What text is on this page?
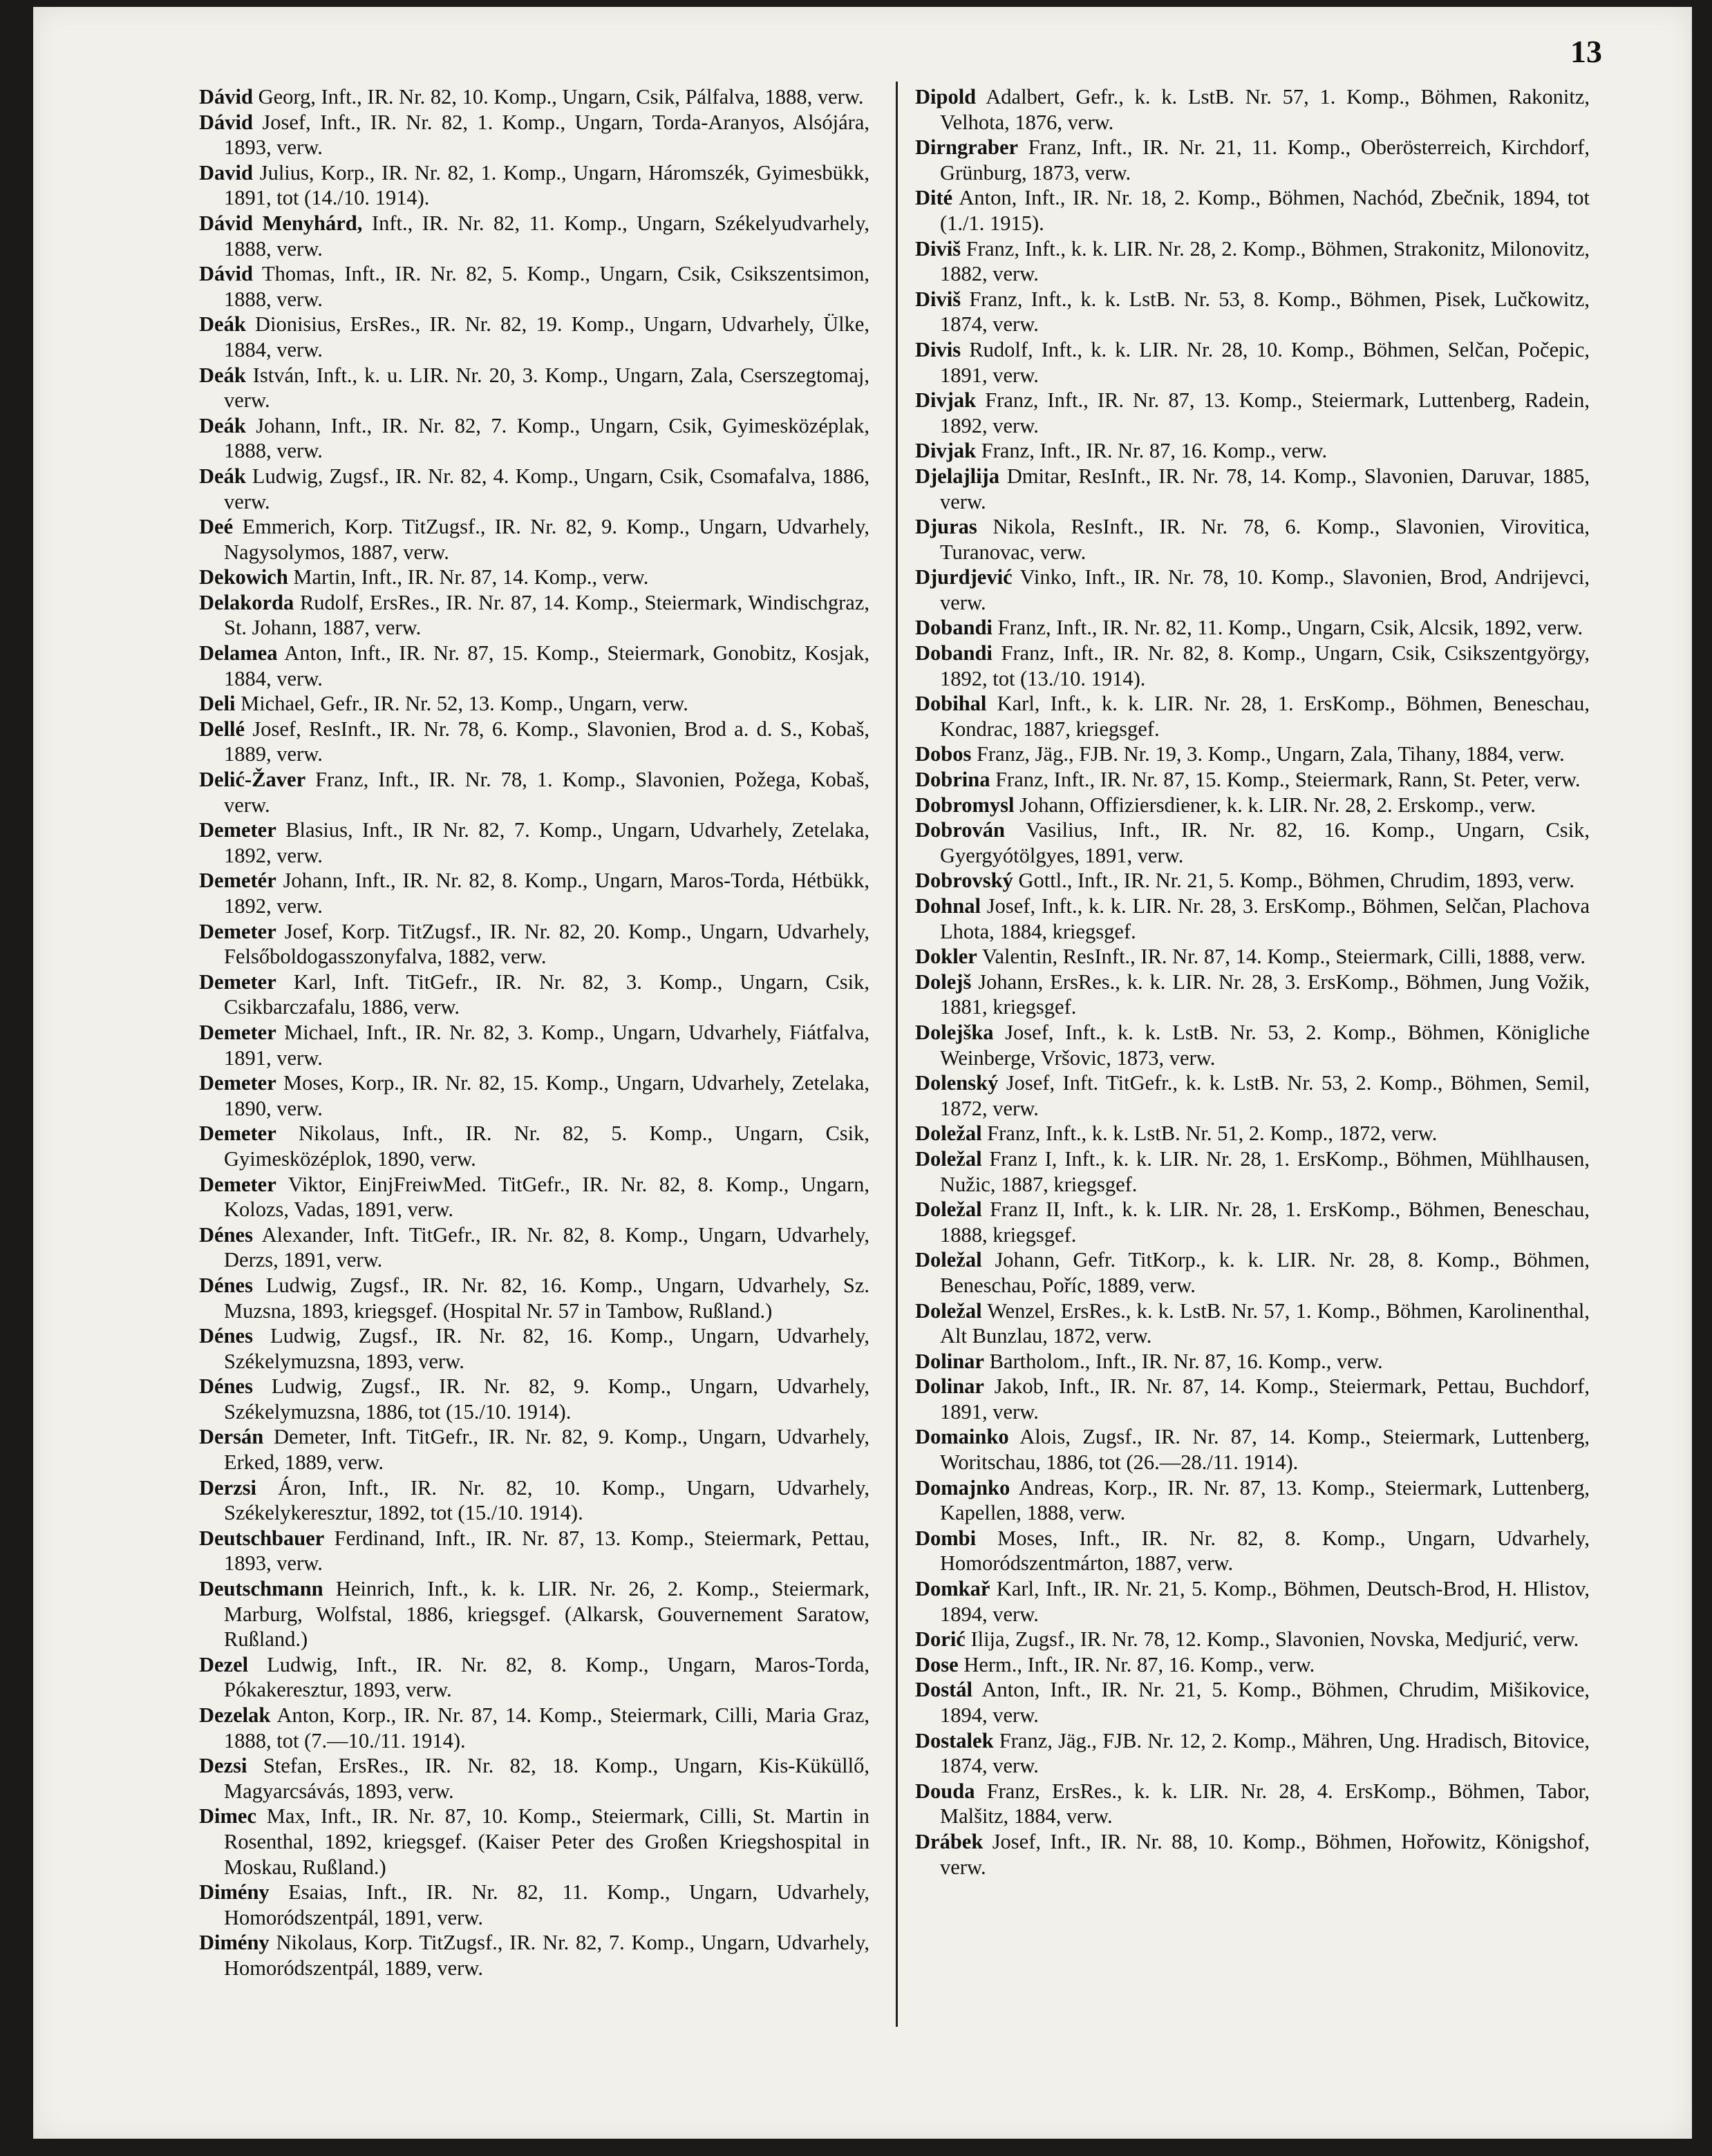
13

Dávid Georg, Inft., IR. Nr. 82, 10. Komp., Ungarn, Csik, Pálfalva, 1888, verw.

Dávid Josef, Inft., IR. Nr. 82, 1. Komp., Ungarn, Torda-Aranyos, Alsójára, 1893, verw.

David Julius, Korp., IR. Nr. 82, 1. Komp., Ungarn, Háromszék, Gyimesbükk, 1891, tot (14./10. 1914).

Dávid Menyhárd, Inft., IR. Nr. 82, 11. Komp., Ungarn, Székelyudvarhely, 1888, verw.

Dávid Thomas, Inft., IR. Nr. 82, 5. Komp., Ungarn, Csik, Csikszentsimon, 1888, verw.

Deák Dionisius, ErsRes., IR. Nr. 82, 19. Komp., Ungarn, Udvarhely, Ülke, 1884, verw.

Deák István, Inft., k. u. LIR. Nr. 20, 3. Komp., Ungarn, Zala, Cserszegtomaj, verw.

Deák Johann, Inft., IR. Nr. 82, 7. Komp., Ungarn, Csik, Gyimesközéplak, 1888, verw.

Deák Ludwig, Zugsf., IR. Nr. 82, 4. Komp., Ungarn, Csik, Csomafalva, 1886, verw.

Deé Emmerich, Korp. TitZugsf., IR. Nr. 82, 9. Komp., Ungarn, Udvarhely, Nagysolymos, 1887, verw.

Dekowich Martin, Inft., IR. Nr. 87, 14. Komp., verw.

Delakorda Rudolf, ErsRes., IR. Nr. 87, 14. Komp., Steiermark, Windischgraz, St. Johann, 1887, verw.

Delamea Anton, Inft., IR. Nr. 87, 15. Komp., Steiermark, Gonobitz, Kosjak, 1884, verw.

Deli Michael, Gefr., IR. Nr. 52, 13. Komp., Ungarn, verw.

Dellé Josef, ResInft., IR. Nr. 78, 6. Komp., Slavonien, Brod a. d. S., Kobaš, 1889, verw.

Delić-Žaver Franz, Inft., IR. Nr. 78, 1. Komp., Slavonien, Požega, Kobaš, verw.

Demeter Blasius, Inft., IR Nr. 82, 7. Komp., Ungarn, Udvarhely, Zetelaka, 1892, verw.

Demetér Johann, Inft., IR. Nr. 82, 8. Komp., Ungarn, Maros-Torda, Hétbükk, 1892, verw.

Demeter Josef, Korp. TitZugsf., IR. Nr. 82, 20. Komp., Ungarn, Udvarhely, Felsőboldogasszonyfalva, 1882, verw.

Demeter Karl, Inft. TitGefr., IR. Nr. 82, 3. Komp., Ungarn, Csik, Csikbarczafalu, 1886, verw.

Demeter Michael, Inft., IR. Nr. 82, 3. Komp., Ungarn, Udvarhely, Fiátfalva, 1891, verw.

Demeter Moses, Korp., IR. Nr. 82, 15. Komp., Ungarn, Udvarhely, Zetelaka, 1890, verw.

Demeter Nikolaus, Inft., IR. Nr. 82, 5. Komp., Ungarn, Csik, Gyimesközéplok, 1890, verw.

Demeter Viktor, EinjFreiwMed. TitGefr., IR. Nr. 82, 8. Komp., Ungarn, Kolozs, Vadas, 1891, verw.

Dénes Alexander, Inft. TitGefr., IR. Nr. 82, 8. Komp., Ungarn, Udvarhely, Derzs, 1891, verw.

Dénes Ludwig, Zugsf., IR. Nr. 82, 16. Komp., Ungarn, Udvarhely, Sz. Muzsna, 1893, kriegsgef. (Hospital Nr. 57 in Tambow, Rußland.)

Dénes Ludwig, Zugsf., IR. Nr. 82, 16. Komp., Ungarn, Udvarhely, Székelymuzsna, 1893, verw.

Dénes Ludwig, Zugsf., IR. Nr. 82, 9. Komp., Ungarn, Udvarhely, Székelymuzsna, 1886, tot (15./10. 1914).

Dersán Demeter, Inft. TitGefr., IR. Nr. 82, 9. Komp., Ungarn, Udvarhely, Erked, 1889, verw.

Derzsi Áron, Inft., IR. Nr. 82, 10. Komp., Ungarn, Udvarhely, Székelykeresztur, 1892, tot (15./10. 1914).

Deutschbauer Ferdinand, Inft., IR. Nr. 87, 13. Komp., Steiermark, Pettau, 1893, verw.

Deutschmann Heinrich, Inft., k. k. LIR. Nr. 26, 2. Komp., Steiermark, Marburg, Wolfstal, 1886, kriegsgef. (Alkarsk, Gouvernement Saratow, Rußland.)

Dezel Ludwig, Inft., IR. Nr. 82, 8. Komp., Ungarn, Maros-Torda, Pókakeresztur, 1893, verw.

Dezelak Anton, Korp., IR. Nr. 87, 14. Komp., Steiermark, Cilli, Maria Graz, 1888, tot (7.—10./11. 1914).

Dezsi Stefan, ErsRes., IR. Nr. 82, 18. Komp., Ungarn, Kis-Küküllő, Magyarcsávás, 1893, verw.

Dimec Max, Inft., IR. Nr. 87, 10. Komp., Steiermark, Cilli, St. Martin in Rosenthal, 1892, kriegsgef. (Kaiser Peter des Großen Kriegshospital in Moskau, Rußland.)

Dimény Esaias, Inft., IR. Nr. 82, 11. Komp., Ungarn, Udvarhely, Homoródszentpál, 1891, verw.

Dimény Nikolaus, Korp. TitZugsf., IR. Nr. 82, 7. Komp., Ungarn, Udvarhely, Homoródszentpál, 1889, verw.

Dipold Adalbert, Gefr., k. k. LstB. Nr. 57, 1. Komp., Böhmen, Rakonitz, Velhota, 1876, verw.

Dirngraber Franz, Inft., IR. Nr. 21, 11. Komp., Oberösterreich, Kirchdorf, Grünburg, 1873, verw.

Dité Anton, Inft., IR. Nr. 18, 2. Komp., Böhmen, Nachód, Zbečnik, 1894, tot (1./1. 1915).

Diviš Franz, Inft., k. k. LIR. Nr. 28, 2. Komp., Böhmen, Strakonitz, Milonovitz, 1882, verw.

Diviš Franz, Inft., k. k. LstB. Nr. 53, 8. Komp., Böhmen, Pisek, Lučkowitz, 1874, verw.

Divis Rudolf, Inft., k. k. LIR. Nr. 28, 10. Komp., Böhmen, Selčan, Počepic, 1891, verw.

Divjak Franz, Inft., IR. Nr. 87, 13. Komp., Steiermark, Luttenberg, Radein, 1892, verw.

Divjak Franz, Inft., IR. Nr. 87, 16. Komp., verw.

Djelajlija Dmitar, ResInft., IR. Nr. 78, 14. Komp., Slavonien, Daruvar, 1885, verw.

Djuras Nikola, ResInft., IR. Nr. 78, 6. Komp., Slavonien, Virovitica, Turanovac, verw.

Djurdjević Vinko, Inft., IR. Nr. 78, 10. Komp., Slavonien, Brod, Andrijevci, verw.

Dobandi Franz, Inft., IR. Nr. 82, 11. Komp., Ungarn, Csik, Alcsik, 1892, verw.

Dobandi Franz, Inft., IR. Nr. 82, 8. Komp., Ungarn, Csik, Csikszentgyörgy, 1892, tot (13./10. 1914).

Dobihal Karl, Inft., k. k. LIR. Nr. 28, 1. ErsKomp., Böhmen, Beneschau, Kondrac, 1887, kriegsgef.

Dobos Franz, Jäg., FJB. Nr. 19, 3. Komp., Ungarn, Zala, Tihany, 1884, verw.

Dobrina Franz, Inft., IR. Nr. 87, 15. Komp., Steiermark, Rann, St. Peter, verw.

Dobromysl Johann, Offiziersdiener, k. k. LIR. Nr. 28, 2. Erskomp., verw.

Dobrován Vasilius, Inft., IR. Nr. 82, 16. Komp., Ungarn, Csik, Gyergyótölgyes, 1891, verw.

Dobrovský Gottl., Inft., IR. Nr. 21, 5. Komp., Böhmen, Chrudim, 1893, verw.

Dohnal Josef, Inft., k. k. LIR. Nr. 28, 3. ErsKomp., Böhmen, Selčan, Plachova Lhota, 1884, kriegsgef.

Dokler Valentin, ResInft., IR. Nr. 87, 14. Komp., Steiermark, Cilli, 1888, verw.

Dolejš Johann, ErsRes., k. k. LIR. Nr. 28, 3. ErsKomp., Böhmen, Jung Vožik, 1881, kriegsgef.

Dolejška Josef, Inft., k. k. LstB. Nr. 53, 2. Komp., Böhmen, Königliche Weinberge, Vršovic, 1873, verw.

Dolenský Josef, Inft. TitGefr., k. k. LstB. Nr. 53, 2. Komp., Böhmen, Semil, 1872, verw.

Doležal Franz, Inft., k. k. LstB. Nr. 51, 2. Komp., 1872, verw.

Doležal Franz I, Inft., k. k. LIR. Nr. 28, 1. ErsKomp., Böhmen, Mühlhausen, Nužic, 1887, kriegsgef.

Doležal Franz II, Inft., k. k. LIR. Nr. 28, 1. ErsKomp., Böhmen, Beneschau, 1888, kriegsgef.

Doležal Johann, Gefr. TitKorp., k. k. LIR. Nr. 28, 8. Komp., Böhmen, Beneschau, Poříc, 1889, verw.

Doležal Wenzel, ErsRes., k. k. LstB. Nr. 57, 1. Komp., Böhmen, Karolinenthal, Alt Bunzlau, 1872, verw.

Dolinar Bartholom., Inft., IR. Nr. 87, 16. Komp., verw.

Dolinar Jakob, Inft., IR. Nr. 87, 14. Komp., Steiermark, Pettau, Buchdorf, 1891, verw.

Domainko Alois, Zugsf., IR. Nr. 87, 14. Komp., Steiermark, Luttenberg, Woritschau, 1886, tot (26.—28./11. 1914).

Domajnko Andreas, Korp., IR. Nr. 87, 13. Komp., Steiermark, Luttenberg, Kapellen, 1888, verw.

Dombi Moses, Inft., IR. Nr. 82, 8. Komp., Ungarn, Udvarhely, Homoródszentmárton, 1887, verw.

Domkař Karl, Inft., IR. Nr. 21, 5. Komp., Böhmen, Deutsch-Brod, H. Hlistov, 1894, verw.

Dorić Ilija, Zugsf., IR. Nr. 78, 12. Komp., Slavonien, Novska, Medjurić, verw.

Dose Herm., Inft., IR. Nr. 87, 16. Komp., verw.

Dostál Anton, Inft., IR. Nr. 21, 5. Komp., Böhmen, Chrudim, Mišikovice, 1894, verw.

Dostalek Franz, Jäg., FJB. Nr. 12, 2. Komp., Mähren, Ung. Hradisch, Bitovice, 1874, verw.

Douda Franz, ErsRes., k. k. LIR. Nr. 28, 4. ErsKomp., Böhmen, Tabor, Malšitz, 1884, verw.

Drábek Josef, Inft., IR. Nr. 88, 10. Komp., Böhmen, Hořowitz, Königshof, verw.
